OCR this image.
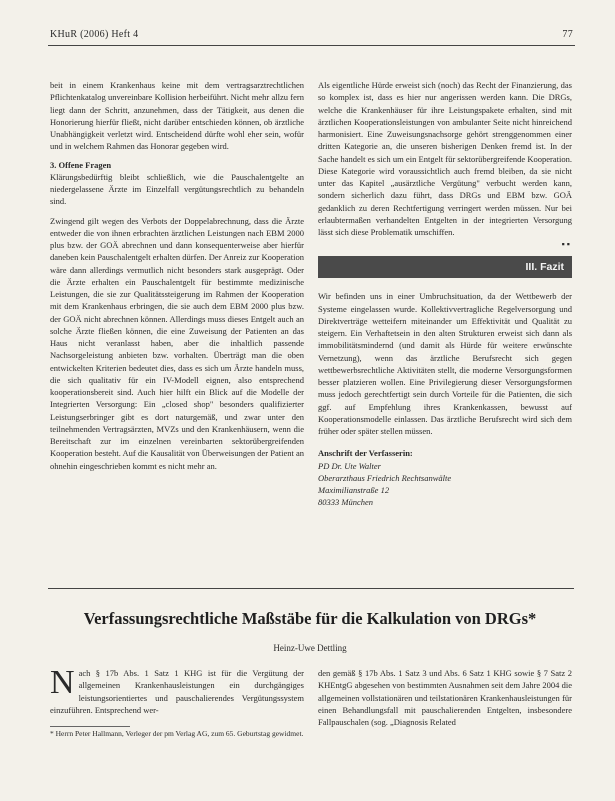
KHuR (2006) Heft 4	77

beit in einem Krankenhaus keine mit dem vertragsarztrechtlichen Pflichtenkatalog unvereinbare Kollision herbeiführt. Nicht mehr allzu fern liegt dann der Schritt, anzunehmen, dass der Tätigkeit, aus denen die Honorierung hierfür fließt, nicht darüber entschieden können, ob ärztliche Unabhängigkeit verletzt wird. Entscheidend dürfte wohl eher sein, wofür und in welchem Rahmen das Honorar gegeben wird.

3. Offene Fragen

Klärungsbedürftig bleibt schließlich, wie die Pauschalentgelte an niedergelassene Ärzte im Einzelfall vergütungsrechtlich zu behandeln sind.

Zwingend gilt wegen des Verbots der Doppelabrechnung, dass die Ärzte entweder die von ihnen erbrachten ärztlichen Leistungen nach EBM 2000 plus bzw. der GOÄ abrechnen und dann konsequenterweise aber hierfür daneben kein Pauschalentgelt erhalten dürfen. Der Anreiz zur Kooperation wäre dann allerdings vermutlich nicht besonders stark ausgeprägt. Oder die Ärzte erhalten ein Pauschalentgelt für bestimmte medizinische Leistungen, die sie zur Qualitätssteigerung im Rahmen der Kooperation mit dem Krankenhaus erbringen, die sie auch dem EBM 2000 plus bzw. der GOÄ nicht abrechnen können. Allerdings muss dieses Entgelt auch an solche Ärzte fließen können, die eine Zuweisung der Patienten an das Haus nicht veranlasst haben, aber die inhaltlich passende Nachsorgeleistung anbieten bzw. vorhalten. Überträgt man die oben entwickelten Kriterien bedeutet dies, dass es sich um Ärzte handeln muss, die sich qualitativ für ein IV-Modell eignen, also entsprechend kooperationsbereit sind. Auch hier hilft ein Blick auf die Modelle der Integrierten Versorgung: Ein „closed shop" besonders qualifizierter Leistungserbringer gibt es dort naturgemäß, und zwar unter den teilnehmenden Vertragsärzten, MVZs und den Krankenhäusern, wenn die Bereitschaft zur im einzelnen vereinbarten sektorübergreifenden Kooperation besteht. Auf die Kausalität von Überweisungen der Patient an ohnehin eingeschrieben kommt es nicht mehr an.

Als eigentliche Hürde erweist sich (noch) das Recht der Finanzierung, das so komplex ist, dass es hier nur angerissen werden kann. Die DRGs, welche die Krankenhäuser für ihre Leistungspakete erhalten, sind mit ärztlichen Kooperationsleistungen von ambulanter Seite nicht hinreichend harmonisiert. Eine Zuweisungsnachsorge gehört strenggenommen einer dritten Kategorie an, die unseren bisherigen Denken fremd ist. In der Sache handelt es sich um ein Entgelt für sektorübergreifende Kooperation. Diese Kategorie wird voraussichtlich auch fremd bleiben, da sie nicht unter das Kapitel „ausärztliche Vergütung" verbucht werden kann, sondern sicherlich dazu führt, dass DRGs und EBM bzw. GOÄ gedanklich zu deren Rechtfertigung verringert werden müssen. Nur bei erlaubtermaßen verhandelten Entgelten in der integrierten Versorgung lässt sich diese Problematik umschiffen.

▪▪

III. Fazit

Wir befinden uns in einer Umbruchsituation, da der Wettbewerb der Systeme eingelassen wurde. Kollektivvertragliche Regelversorgung und Direktverträge wetteifern miteinander um Effektivität und Qualität zu steigern. Ein Verhaftetsein in den alten Strukturen erweist sich dann als immobilitätsmindernd (und damit als Hürde für weitere erwünschte Vernetzung), wenn das ärztliche Berufsrecht sich gegen wettbewerbsrechtliche Aktivitäten stellt, die moderne Versorgungsformen besser platzieren wollen. Eine Privilegierung dieser Versorgungsformen muss jedoch gerechtfertigt sein durch Vorteile für die Patienten, die sich ggf. auf Empfehlung ihres Krankenkassen, bewusst auf Kooperationsmodelle einlassen. Das ärztliche Berufsrecht wird sich dem früher oder später stellen müssen.

Anschrift der Verfasserin:

PD Dr. Ute Walter

Oberarzthaus Friedrich Rechtsanwälte

Maximilianstraße 12

80333 München

Verfassungsrechtliche Maßstäbe für die Kalkulation von DRGs*
Heinz-Uwe Dettling
N ach § 17b Abs. 1 Satz 1 KHG ist für die Vergütung der allgemeinen Krankenhausleistungen ein durchgängiges leistungsorientiertes und pauschalierendes Vergütungssystem einzuführen. Entsprechend wer-
den gemäß § 17b Abs. 1 Satz 3 und Abs. 6 Satz 1 KHG sowie § 7 Satz 2 KHEntgG abgesehen von bestimmten Ausnahmen seit dem Jahre 2004 die allgemeinen vollstationären und teilstationären Krankenhausleistungen für einen Behandlungsfall mit pauschalierenden Entgelten, insbesondere Fallpauschalen (sog. „Diagnosis Related
* Herrn Peter Hallmann, Verleger der pm Verlag AG, zum 65. Geburtstag gewidmet.
